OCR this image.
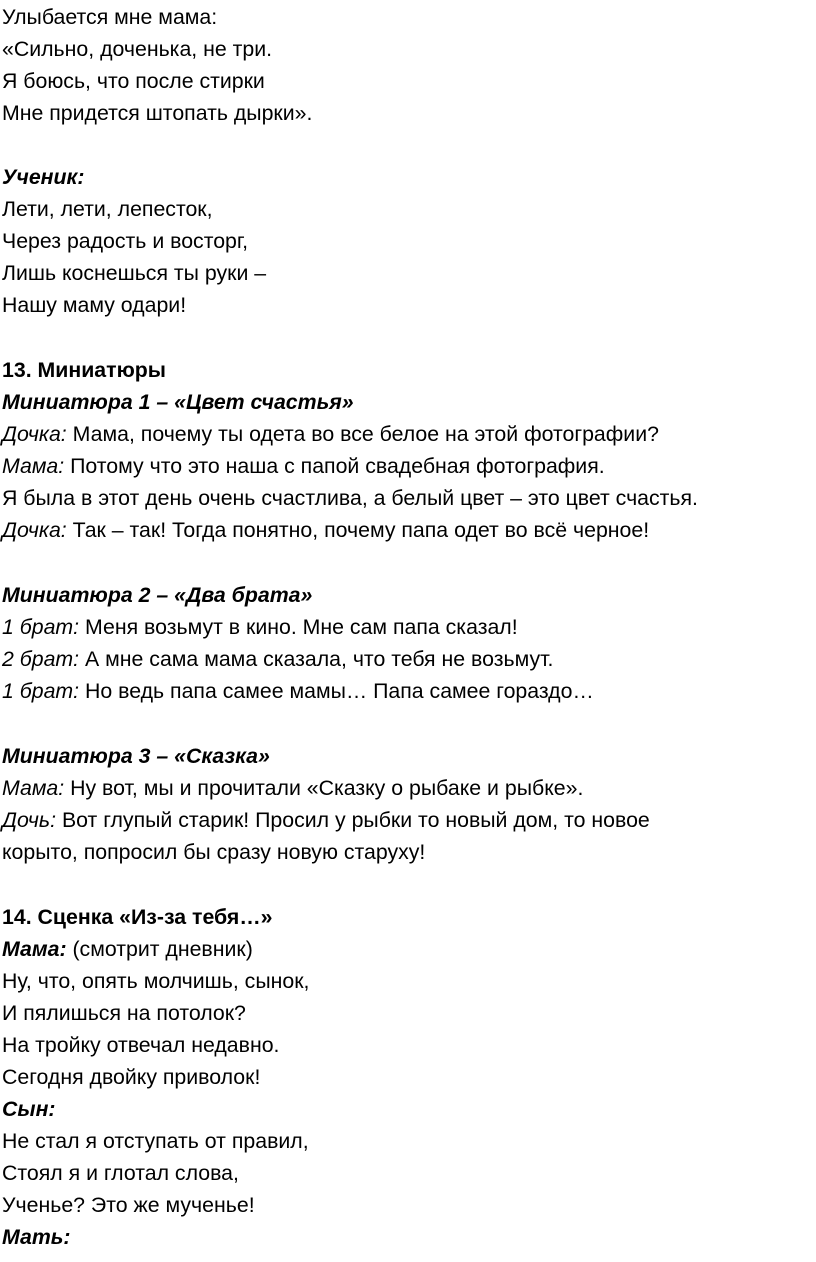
Улыбается мне мама:
«Сильно, доченька, не три.
Я боюсь, что после стирки
Мне придется штопать дырки».
Ученик:
Лети, лети, лепесток,
Через радость и восторг,
Лишь коснешься ты руки –
Нашу маму одари!
13. Миниатюры
Миниатюра 1 – «Цвет счастья»
Дочка: Мама, почему ты одета во все белое на этой фотографии?
Мама: Потому что это наша с папой свадебная фотография.
Я была в этот день очень счастлива, а белый цвет – это цвет счастья.
Дочка: Так – так! Тогда понятно, почему папа одет во всё черное!
Миниатюра 2 – «Два брата»
1 брат: Меня возьмут в кино. Мне сам папа сказал!
2 брат: А мне сама мама сказала, что тебя не возьмут.
1 брат: Но ведь папа самее мамы… Папа самее гораздо…
Миниатюра 3 – «Сказка»
Мама: Ну вот, мы и прочитали «Сказку о рыбаке и рыбке».
Дочь: Вот глупый старик! Просил у рыбки то новый дом, то новое
корыто, попросил бы сразу новую старуху!
14. Сценка «Из-за тебя…»
Мама: (смотрит дневник)
Ну, что, опять молчишь, сынок,
И пялишься на потолок?
На тройку отвечал недавно.
Сегодня двойку приволок!
Сын:
Не стал я отступать от правил,
Стоял я и глотал слова,
Ученье? Это же мученье!
Мать:
